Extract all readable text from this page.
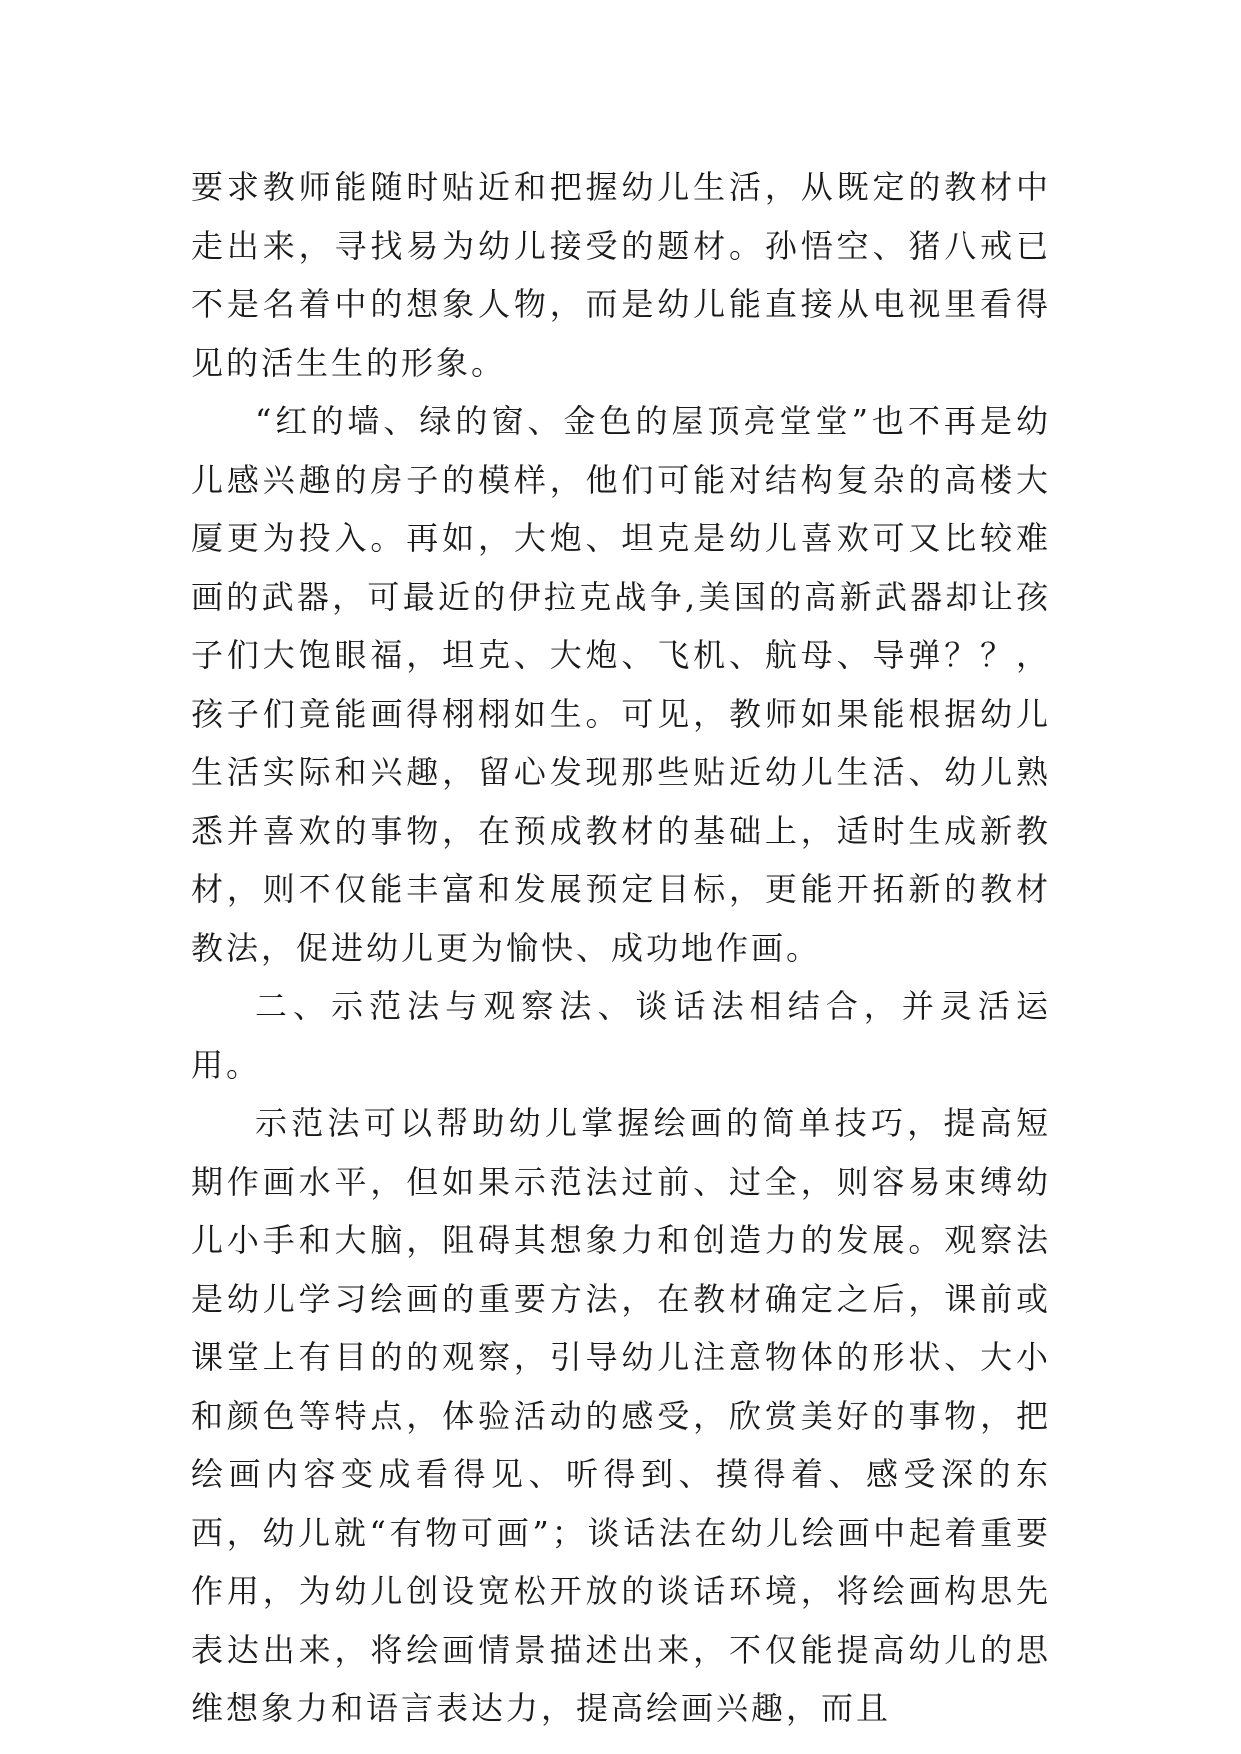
要求教师能随时贴近和把握幼儿生活，从既定的教材中走出来，寻找易为幼儿接受的题材。孙悟空、猪八戒已不是名着中的想象人物，而是幼儿能直接从电视里看得见的活生生的形象。

“红的墙、绿的窗、金色的屋顶亮堂堂”也不再是幼儿感兴趣的房子的模样，他们可能对结构复杂的高楼大厦更为投入。再如，大炮、坦克是幼儿喜欢可又比较难画的武器，可最近的伊拉克战争,美国的高新武器却让孩子们大饱眼福，坦克、大炮、飞机、航母、导弹？？，孩子们竟能画得栩栩如生。可见，教师如果能根据幼儿生活实际和兴趣，留心发现那些贴近幼儿生活、幼儿熟悉并喜欢的事物，在预成教材的基础上，适时生成新教材，则不仅能丰富和发展预定目标，更能开拓新的教材教法，促进幼儿更为愉快、成功地作画。

二、示范法与观察法、谈话法相结合，并灵活运用。

示范法可以帮助幼儿掌握绘画的简单技巧，提高短期作画水平，但如果示范法过前、过全，则容易束缚幼儿小手和大脑，阻碍其想象力和创造力的发展。观察法是幼儿学习绘画的重要方法，在教材确定之后，课前或课堂上有目的的观察，引导幼儿注意物体的形状、大小和颜色等特点，体验活动的感受，欣赏美好的事物，把绘画内容变成看得见、听得到、摸得着、感受深的东西，幼儿就“有物可画”；谈话法在幼儿绘画中起着重要作用，为幼儿创设宽松开放的谈话环境，将绘画构思先表达出来，将绘画情景描述出来，不仅能提高幼儿的思维想象力和语言表达力，提高绘画兴趣，而且
